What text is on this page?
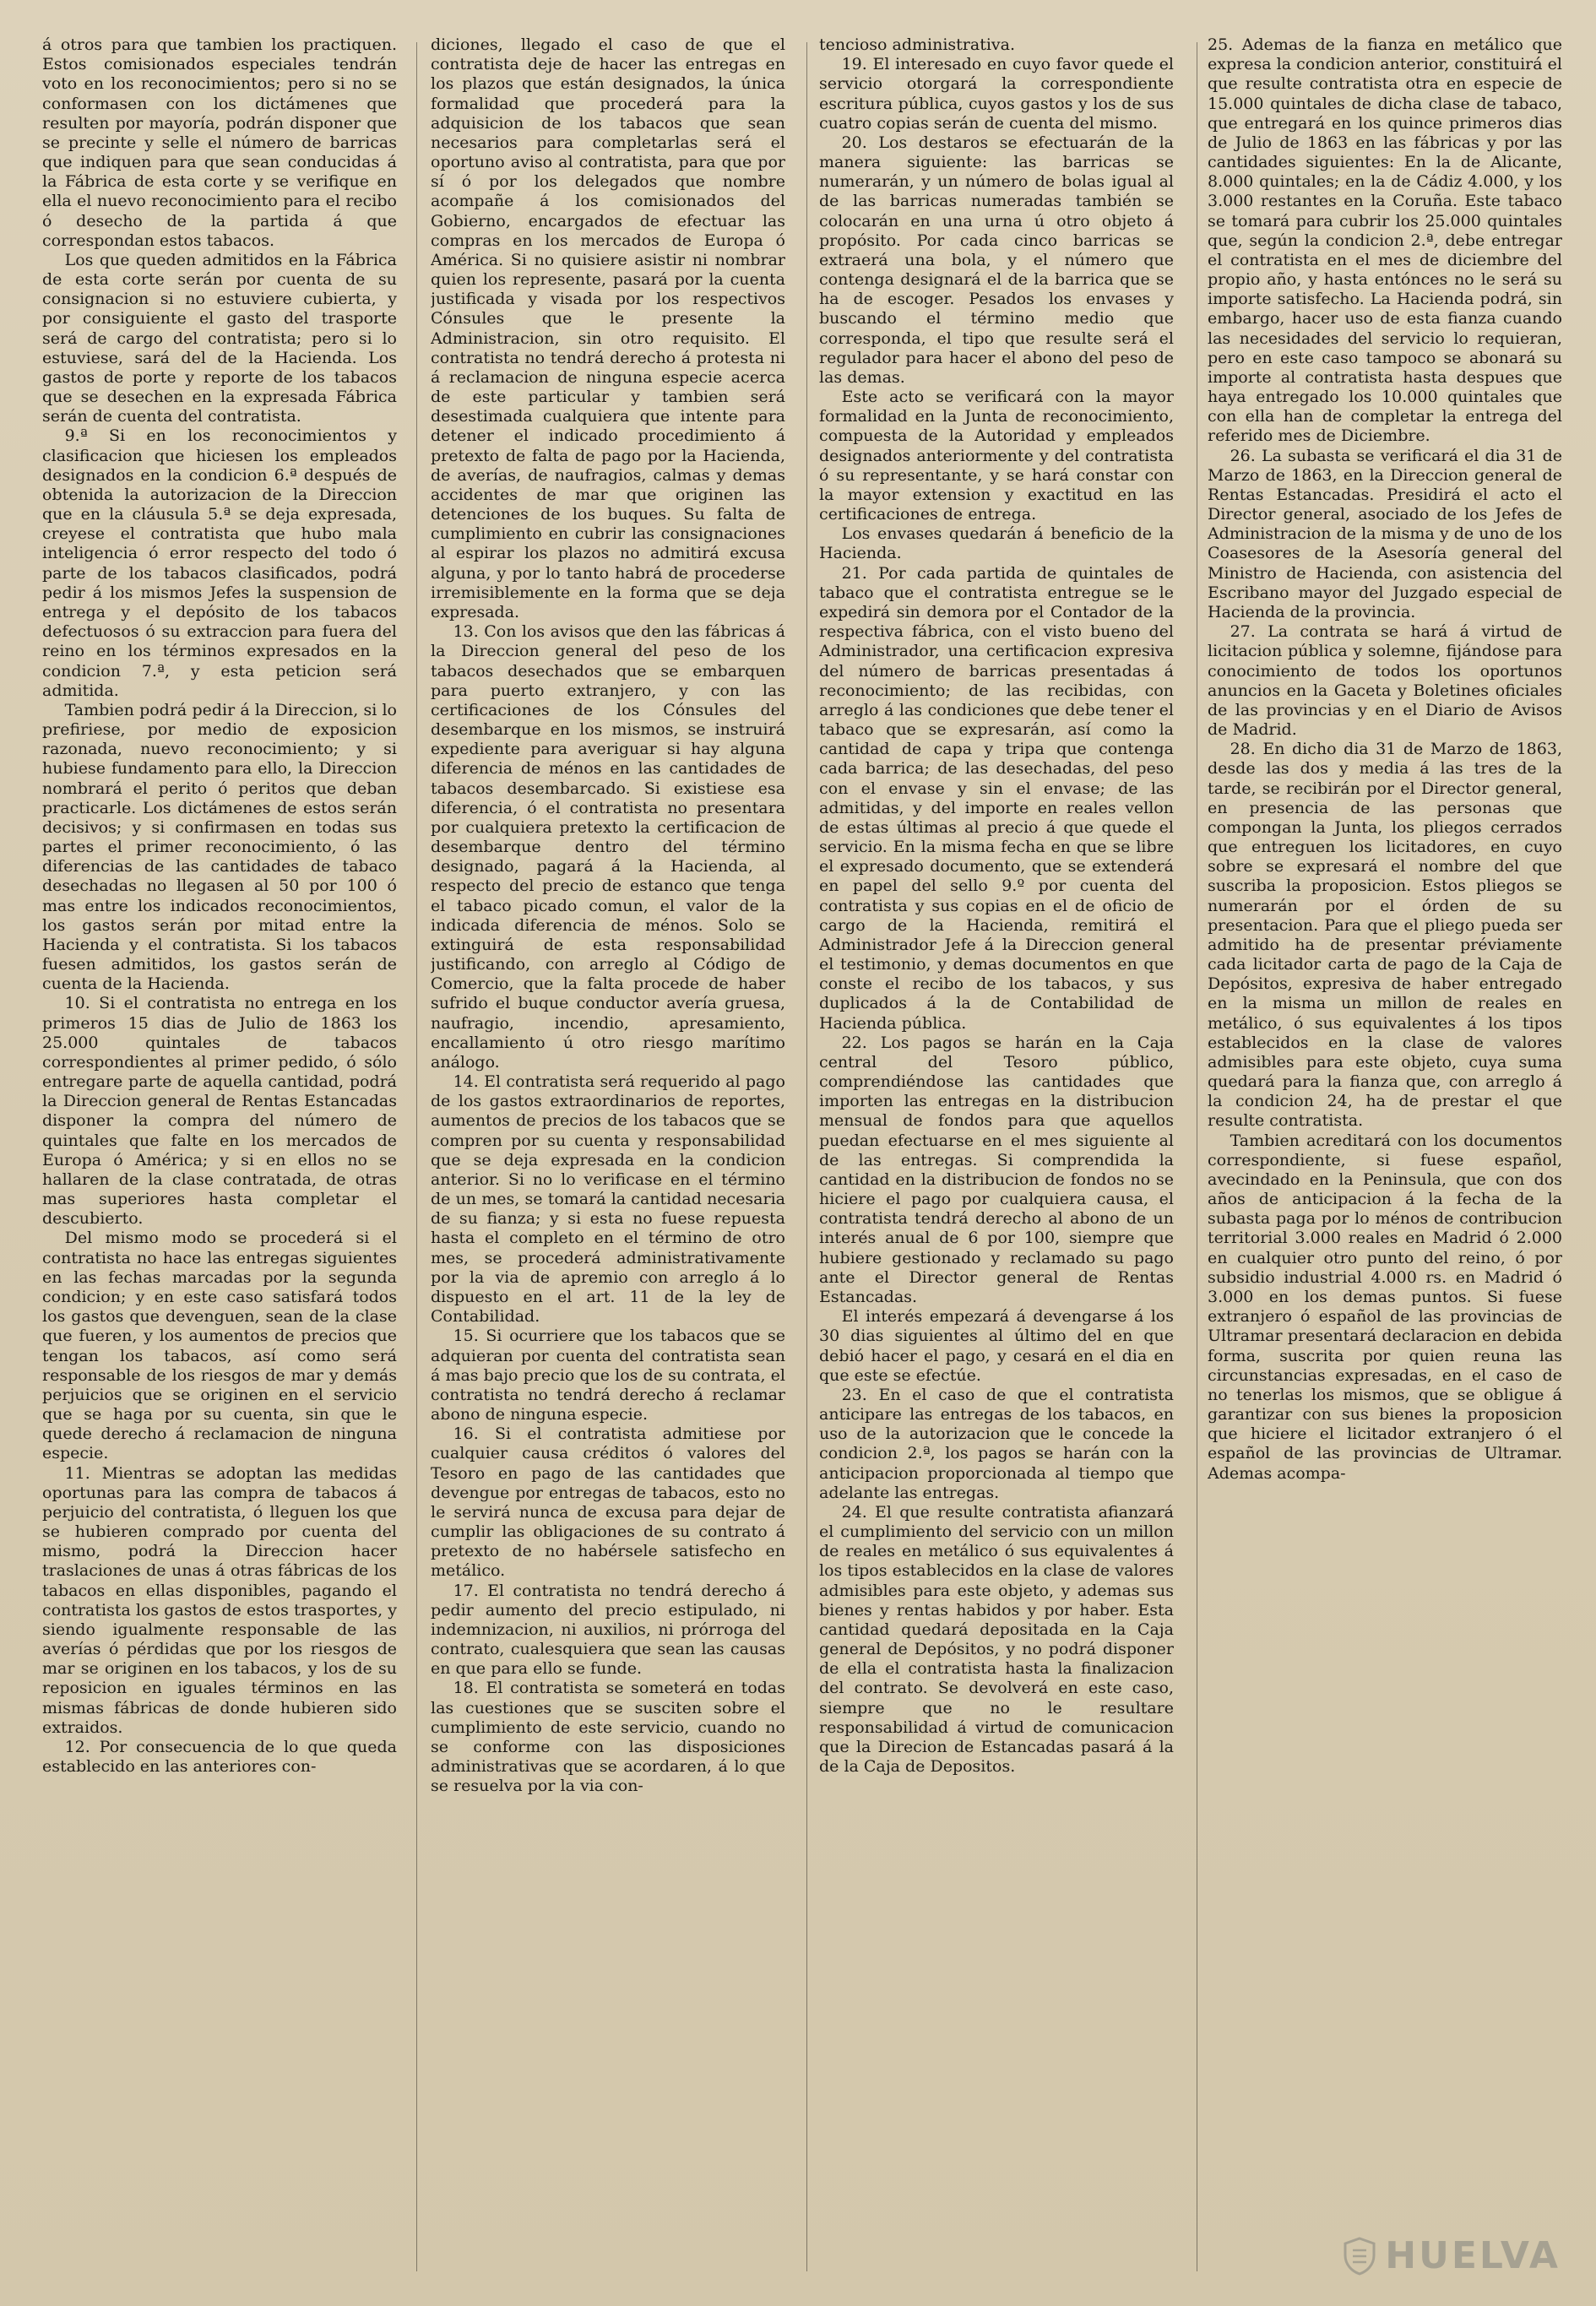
á otros para que tambien los practiquen. Estos comisionados especiales tendrán voto en los reconocimientos; pero si no se conformasen con los dictámenes que resulten por mayoría, podrán disponer que se precinte y selle el número de barricas que indiquen para que sean conducidas á la Fábrica de esta corte y se verifique en ella el nuevo reconocimiento para el recibo ó desecho de la partida á que correspondan estos tabacos.

Los que queden admitidos en la Fábrica de esta corte serán por cuenta de su consignacion si no estuviere cubierta, y por consiguiente el gasto del trasporte será de cargo del contratista; pero si lo estuviese, sará del de la Hacienda. Los gastos de porte y reporte de los tabacos que se desechen en la expresada Fábrica serán de cuenta del contratista.

9.ª Si en los reconocimientos y clasificacion que hiciesen los empleados designados en la condicion 6.ª después de obtenida la autorizacion de la Direccion que en la cláusula 5.ª se deja expresada, creyese el contratista que hubo mala inteligencia ó error respecto del todo ó parte de los tabacos clasificados, podrá pedir á los mismos Jefes la suspension de entrega y el depósito de los tabacos defectuosos ó su extraccion para fuera del reino en los términos expresados en la condicion 7.ª, y esta peticion será admitida.

Tambien podrá pedir á la Direccion, si lo prefiriese, por medio de exposicion razonada, nuevo reconocimiento; y si hubiese fundamento para ello, la Direccion nombrará el perito ó peritos que deban practicarle. Los dictámenes de estos serán decisivos; y si confirmasen en todas sus partes el primer reconocimiento, ó las diferencias de las cantidades de tabaco desechadas no llegasen al 50 por 100 ó mas entre los indicados reconocimientos, los gastos serán por mitad entre la Hacienda y el contratista. Si los tabacos fuesen admitidos, los gastos serán de cuenta de la Hacienda.

10. Si el contratista no entrega en los primeros 15 dias de Julio de 1863 los 25.000 quintales de tabacos correspondientes al primer pedido, ó sólo entregare parte de aquella cantidad, podrá la Direccion general de Rentas Estancadas disponer la compra del número de quintales que falte en los mercados de Europa ó América; y si en ellos no se hallaren de la clase contratada, de otras mas superiores hasta completar el descubierto.

Del mismo modo se procederá si el contratista no hace las entregas siguientes en las fechas marcadas por la segunda condicion; y en este caso satisfará todos los gastos que devenguen, sean de la clase que fueren, y los aumentos de precios que tengan los tabacos, así como será responsable de los riesgos de mar y demás perjuicios que se originen en el servicio que se haga por su cuenta, sin que le quede derecho á reclamacion de ninguna especie.

11. Mientras se adoptan las medidas oportunas para las compra de tabacos á perjuicio del contratista, ó lleguen los que se hubieren comprado por cuenta del mismo, podrá la Direccion hacer traslaciones de unas á otras fábricas de los tabacos en ellas disponibles, pagando el contratista los gastos de estos trasportes, y siendo igualmente responsable de las averías ó pérdidas que por los riesgos de mar se originen en los tabacos, y los de su reposicion en iguales términos en las mismas fábricas de donde hubieren sido extraidos.

12. Por consecuencia de lo que queda establecido en las anteriores con-

diciones, llegado el caso de que el contratista deje de hacer las entregas en los plazos que están designados, la única formalidad que procederá para la adquisicion de los tabacos que sean necesarios para completarlas será el oportuno aviso al contratista, para que por sí ó por los delegados que nombre acompañe á los comisionados del Gobierno, encargados de efectuar las compras en los mercados de Europa ó América. Si no quisiere asistir ni nombrar quien los represente, pasará por la cuenta justificada y visada por los respectivos Cónsules que le presente la Administracion, sin otro requisito. El contratista no tendrá derecho á protesta ni á reclamacion de ninguna especie acerca de este particular y tambien será desestimada cualquiera que intente para detener el indicado procedimiento á pretexto de falta de pago por la Hacienda, de averías, de naufragios, calmas y demas accidentes de mar que originen las detenciones de los buques. Su falta de cumplimiento en cubrir las consignaciones al espirar los plazos no admitirá excusa alguna, y por lo tanto habrá de procederse irremisiblemente en la forma que se deja expresada.

13. Con los avisos que den las fábricas á la Direccion general del peso de los tabacos desechados que se embarquen para puerto extranjero, y con las certificaciones de los Cónsules del desembarque en los mismos, se instruirá expediente para averiguar si hay alguna diferencia de ménos en las cantidades de tabacos desembarcado. Si existiese esa diferencia, ó el contratista no presentara por cualquiera pretexto la certificacion de desembarque dentro del término designado, pagará á la Hacienda, al respecto del precio de estanco que tenga el tabaco picado comun, el valor de la indicada diferencia de ménos. Solo se extinguirá de esta responsabilidad justificando, con arreglo al Código de Comercio, que la falta procede de haber sufrido el buque conductor avería gruesa, naufragio, incendio, apresamiento, encallamiento ú otro riesgo marítimo análogo.

14. El contratista será requerido al pago de los gastos extraordinarios de reportes, aumentos de precios de los tabacos que se compren por su cuenta y responsabilidad que se deja expresada en la condicion anterior. Si no lo verificase en el término de un mes, se tomará la cantidad necesaria de su fianza; y si esta no fuese repuesta hasta el completo en el término de otro mes, se procederá administrativamente por la via de apremio con arreglo á lo dispuesto en el art. 11 de la ley de Contabilidad.

15. Si ocurriere que los tabacos que se adquieran por cuenta del contratista sean á mas bajo precio que los de su contrata, el contratista no tendrá derecho á reclamar abono de ninguna especie.

16. Si el contratista admitiese por cualquier causa créditos ó valores del Tesoro en pago de las cantidades que devengue por entregas de tabacos, esto no le servirá nunca de excusa para dejar de cumplir las obligaciones de su contrato á pretexto de no habérsele satisfecho en metálico.

17. El contratista no tendrá derecho á pedir aumento del precio estipulado, ni indemnizacion, ni auxilios, ni prórroga del contrato, cualesquiera que sean las causas en que para ello se funde.

18. El contratista se someterá en todas las cuestiones que se susciten sobre el cumplimiento de este servicio, cuando no se conforme con las disposiciones administrativas que se acordaren, á lo que se resuelva por la via con-

tencioso administrativa.

19. El interesado en cuyo favor quede el servicio otorgará la correspondiente escritura pública, cuyos gastos y los de sus cuatro copias serán de cuenta del mismo.

20. Los destaros se efectuarán de la manera siguiente: las barricas se numerarán, y un número de bolas igual al de las barricas numeradas también se colocarán en una urna ú otro objeto á propósito. Por cada cinco barricas se extraerá una bola, y el número que contenga designará el de la barrica que se ha de escoger. Pesados los envases y buscando el término medio que corresponda, el tipo que resulte será el regulador para hacer el abono del peso de las demas.

Este acto se verificará con la mayor formalidad en la Junta de reconocimiento, compuesta de la Autoridad y empleados designados anteriormente y del contratista ó su representante, y se hará constar con la mayor extension y exactitud en las certificaciones de entrega.

Los envases quedarán á beneficio de la Hacienda.

21. Por cada partida de quintales de tabaco que el contratista entregue se le expedirá sin demora por el Contador de la respectiva fábrica, con el visto bueno del Administrador, una certificacion expresiva del número de barricas presentadas á reconocimiento; de las recibidas, con arreglo á las condiciones que debe tener el tabaco que se expresarán, así como la cantidad de capa y tripa que contenga cada barrica; de las desechadas, del peso con el envase y sin el envase; de las admitidas, y del importe en reales vellon de estas últimas al precio á que quede el servicio. En la misma fecha en que se libre el expresado documento, que se extenderá en papel del sello 9.º por cuenta del contratista y sus copias en el de oficio de cargo de la Hacienda, remitirá el Administrador Jefe á la Direccion general el testimonio, y demas documentos en que conste el recibo de los tabacos, y sus duplicados á la de Contabilidad de Hacienda pública.

22. Los pagos se harán en la Caja central del Tesoro público, comprendiéndose las cantidades que importen las entregas en la distribucion mensual de fondos para que aquellos puedan efectuarse en el mes siguiente al de las entregas. Si comprendida la cantidad en la distribucion de fondos no se hiciere el pago por cualquiera causa, el contratista tendrá derecho al abono de un interés anual de 6 por 100, siempre que hubiere gestionado y reclamado su pago ante el Director general de Rentas Estancadas.

El interés empezará á devengarse á los 30 dias siguientes al último del en que debió hacer el pago, y cesará en el dia en que este se efectúe.

23. En el caso de que el contratista anticipare las entregas de los tabacos, en uso de la autorizacion que le concede la condicion 2.ª, los pagos se harán con la anticipacion proporcionada al tiempo que adelante las entregas.

24. El que resulte contratista afianzará el cumplimiento del servicio con un millon de reales en metálico ó sus equivalentes á los tipos establecidos en la clase de valores admisibles para este objeto, y ademas sus bienes y rentas habidos y por haber. Esta cantidad quedará depositada en la Caja general de Depósitos, y no podrá disponer de ella el contratista hasta la finalizacion del contrato. Se devolverá en este caso, siempre que no le resultare responsabilidad á virtud de comunicacion que la Direcion de Estancadas pasará á la de la Caja de Depositos.

25. Ademas de la fianza en metálico que expresa la condicion anterior, constituirá el que resulte contratista otra en especie de 15.000 quintales de dicha clase de tabaco, que entregará en los quince primeros dias de Julio de 1863 en las fábricas y por las cantidades siguientes: En la de Alicante, 8.000 quintales; en la de Cádiz 4.000, y los 3.000 restantes en la Coruña. Este tabaco se tomará para cubrir los 25.000 quintales que, según la condicion 2.ª, debe entregar el contratista en el mes de diciembre del propio año, y hasta entónces no le será su importe satisfecho. La Hacienda podrá, sin embargo, hacer uso de esta fianza cuando las necesidades del servicio lo requieran, pero en este caso tampoco se abonará su importe al contratista hasta despues que haya entregado los 10.000 quintales que con ella han de completar la entrega del referido mes de Diciembre.

26. La subasta se verificará el dia 31 de Marzo de 1863, en la Direccion general de Rentas Estancadas. Presidirá el acto el Director general, asociado de los Jefes de Administracion de la misma y de uno de los Coasesores de la Asesoría general del Ministro de Hacienda, con asistencia del Escribano mayor del Juzgado especial de Hacienda de la provincia.

27. La contrata se hará á virtud de licitacion pública y solemne, fijándose para conocimiento de todos los oportunos anuncios en la Gaceta y Boletines oficiales de las provincias y en el Diario de Avisos de Madrid.

28. En dicho dia 31 de Marzo de 1863, desde las dos y media á las tres de la tarde, se recibirán por el Director general, en presencia de las personas que compongan la Junta, los pliegos cerrados que entreguen los licitadores, en cuyo sobre se expresará el nombre del que suscriba la proposicion. Estos pliegos se numerarán por el órden de su presentacion. Para que el pliego pueda ser admitido ha de presentar préviamente cada licitador carta de pago de la Caja de Depósitos, expresiva de haber entregado en la misma un millon de reales en metálico, ó sus equivalentes á los tipos establecidos en la clase de valores admisibles para este objeto, cuya suma quedará para la fianza que, con arreglo á la condicion 24, ha de prestar el que resulte contratista.

Tambien acreditará con los documentos correspondiente, si fuese español, avecindado en la Peninsula, que con dos años de anticipacion á la fecha de la subasta paga por lo ménos de contribucion territorial 3.000 reales en Madrid ó 2.000 en cualquier otro punto del reino, ó por subsidio industrial 4.000 rs. en Madrid ó 3.000 en los demas puntos. Si fuese extranjero ó español de las provincias de Ultramar presentará declaracion en debida forma, suscrita por quien reuna las circunstancias expresadas, en el caso de no tenerlas los mismos, que se obligue á garantizar con sus bienes la proposicion que hiciere el licitador extranjero ó el español de las provincias de Ultramar. Ademas acompa-

HUELVA
